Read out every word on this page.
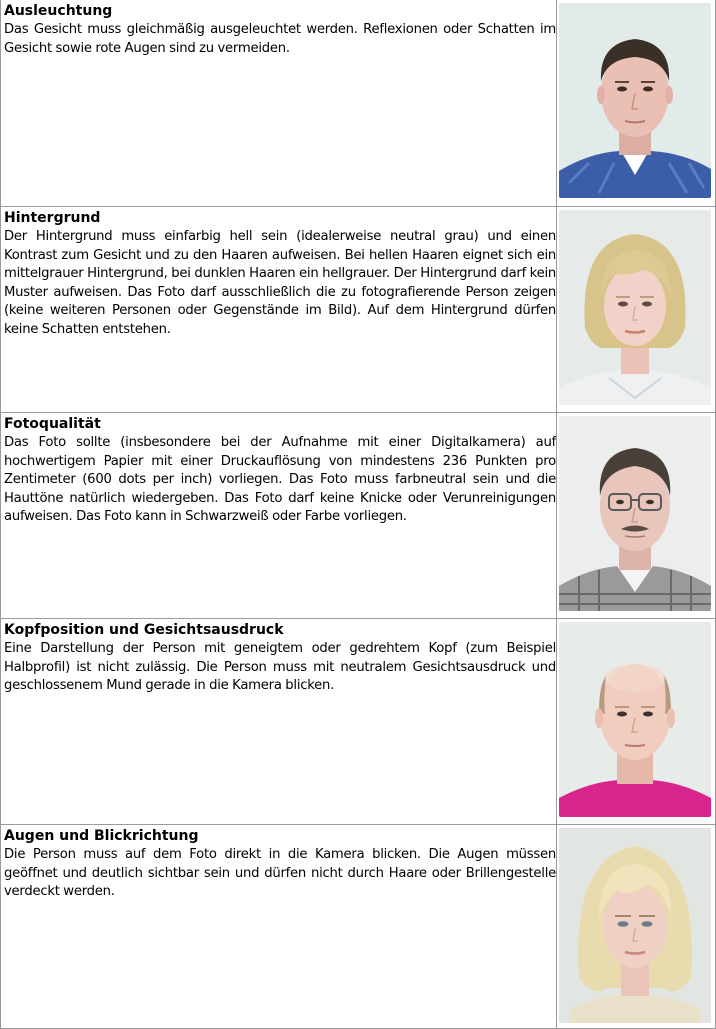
Ausleuchtung

Das Gesicht muss gleichmäßig ausgeleuchtet werden. Reflexionen oder Schatten im Gesicht sowie rote Augen sind zu vermeiden.

Hintergrund

Der Hintergrund muss einfarbig hell sein (idealerweise neutral grau) und einen Kontrast zum Gesicht und zu den Haaren aufweisen. Bei hellen Haaren eignet sich ein mittelgrauer Hintergrund, bei dunklen Haaren ein hellgrauer. Der Hintergrund darf kein Muster aufweisen. Das Foto darf ausschließlich die zu fotografierende Person zeigen (keine weiteren Personen oder Gegenstände im Bild). Auf dem Hintergrund dürfen keine Schatten entstehen.

Fotoqualität

Das Foto sollte (insbesondere bei der Aufnahme mit einer Digitalkamera) auf hochwertigem Papier mit einer Druckauflösung von mindestens 236 Punkten pro Zentimeter (600 dots per inch) vorliegen. Das Foto muss farbneutral sein und die Hauttöne natürlich wiedergeben. Das Foto darf keine Knicke oder Verunreinigungen aufweisen. Das Foto kann in Schwarzweiß oder Farbe vorliegen.

Kopfposition und Gesichtsausdruck

Eine Darstellung der Person mit geneigtem oder gedrehtem Kopf (zum Beispiel Halbprofil) ist nicht zulässig. Die Person muss mit neutralem Gesichtsausdruck und geschlossenem Mund gerade in die Kamera blicken.

Augen und Blickrichtung

Die Person muss auf dem Foto direkt in die Kamera blicken. Die Augen müssen geöffnet und deutlich sichtbar sein und dürfen nicht durch Haare oder Brillengestelle verdeckt werden.
